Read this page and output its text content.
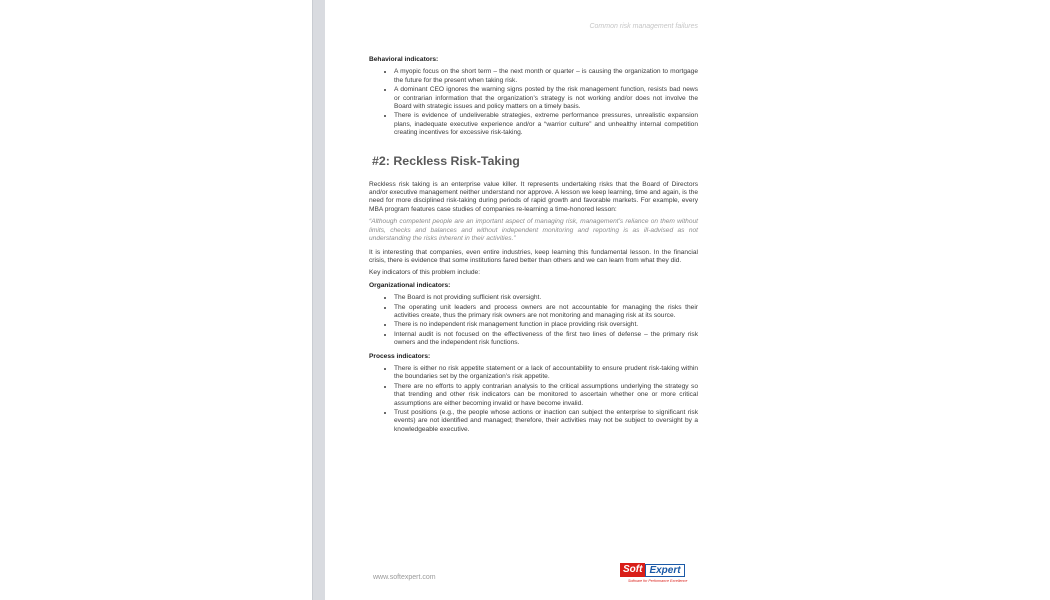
Common risk management failures

Behavioral indicators:

• A myopic focus on the short term – the next month or quarter – is causing the organization to mortgage the future for the present when taking risk.
• A dominant CEO ignores the warning signs posted by the risk management function, resists bad news or contrarian information that the organization’s strategy is not working and/or does not involve the Board with strategic issues and policy matters on a timely basis.
• There is evidence of undeliverable strategies, extreme performance pressures, unrealistic expansion plans, inadequate executive experience and/or a “warrior culture” and unhealthy internal competition creating incentives for excessive risk-taking.
#2: Reckless Risk-Taking

Reckless risk taking is an enterprise value killer. It represents undertaking risks that the Board of Directors and/or executive management neither understand nor approve. A lesson we keep learning, time and again, is the need for more disciplined risk-taking during periods of rapid growth and favorable markets. For example, every MBA program features case studies of companies re-learning a time-honored lesson:

“Although competent people are an important aspect of managing risk, management’s reliance on them without limits, checks and balances and without independent monitoring and reporting is as ill-advised as not understanding the risks inherent in their activities.”

It is interesting that companies, even entire industries, keep learning this fundamental lesson. In the financial crisis, there is evidence that some institutions fared better than others and we can learn from what they did.

Key indicators of this problem include:

Organizational indicators:

• The Board is not providing sufficient risk oversight.
• The operating unit leaders and process owners are not accountable for managing the risks their activities create, thus the primary risk owners are not monitoring and managing risk at its source.
• There is no independent risk management function in place providing risk oversight.
• Internal audit is not focused on the effectiveness of the first two lines of defense – the primary risk owners and the independent risk functions.

Process indicators:

• There is either no risk appetite statement or a lack of accountability to ensure prudent risk-taking within the boundaries set by the organization’s risk appetite.
• There are no efforts to apply contrarian analysis to the critical assumptions underlying the strategy so that trending and other risk indicators can be monitored to ascertain whether one or more critical assumptions are either becoming invalid or have become invalid.
• Trust positions (e.g., the people whose actions or inaction can subject the enterprise to significant risk events) are not identified and managed; therefore, their activities may not be subject to oversight by a knowledgeable executive.
www.softexpert.com
Soft Expert
Software for Performance Excellence
